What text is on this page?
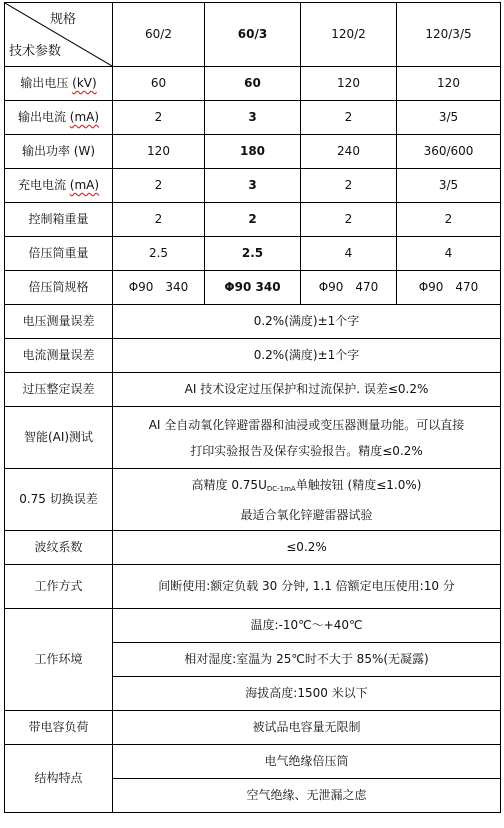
规格
技术参数	60/2	60/3	120/2	120/3/5
输出电压 (kV)	60	60	120	120
输出电流 (mA)	2	3	2	3/5
输出功率 (W)	120	180	240	360/600
充电电流 (mA)	2	3	2	3/5
控制箱重量	2	2	2	2
倍压筒重量	2.5	2.5	4	4
倍压筒规格	Φ90　340	Φ90 340	Φ90　470	Φ90　470
电压测量误差	0.2%(满度)±1个字			
电流测量误差	0.2%(满度)±1个字			
过压整定误差	AI 技术设定过压保护和过流保护. 误差≤0.2%			
智能(AI)测试	AI 全自动氧化锌避雷器和油浸或变压器测量功能。可以直接
打印实验报告及保存实验报告。精度≤0.2%			

0.75 切换误差	高精度 $0.75U_{DC-1mA}$单触按钮 (精度≤1.0%)
最适合氧化锌避雷器试验			

波纹系数	≤0.2%			
工作方式	间断使用:额定负载 30 分钟, 1.1 倍额定电压使用:10 分			
工作环境	温度:-10℃～+40℃			
	相对湿度:室温为 25℃时不大于 85%(无凝露)			
	海拔高度:1500 米以下			
带电容负荷	被试品电容量无限制			
结构特点	电气绝缘倍压筒			
	空气绝缘、无泄漏之虑			
